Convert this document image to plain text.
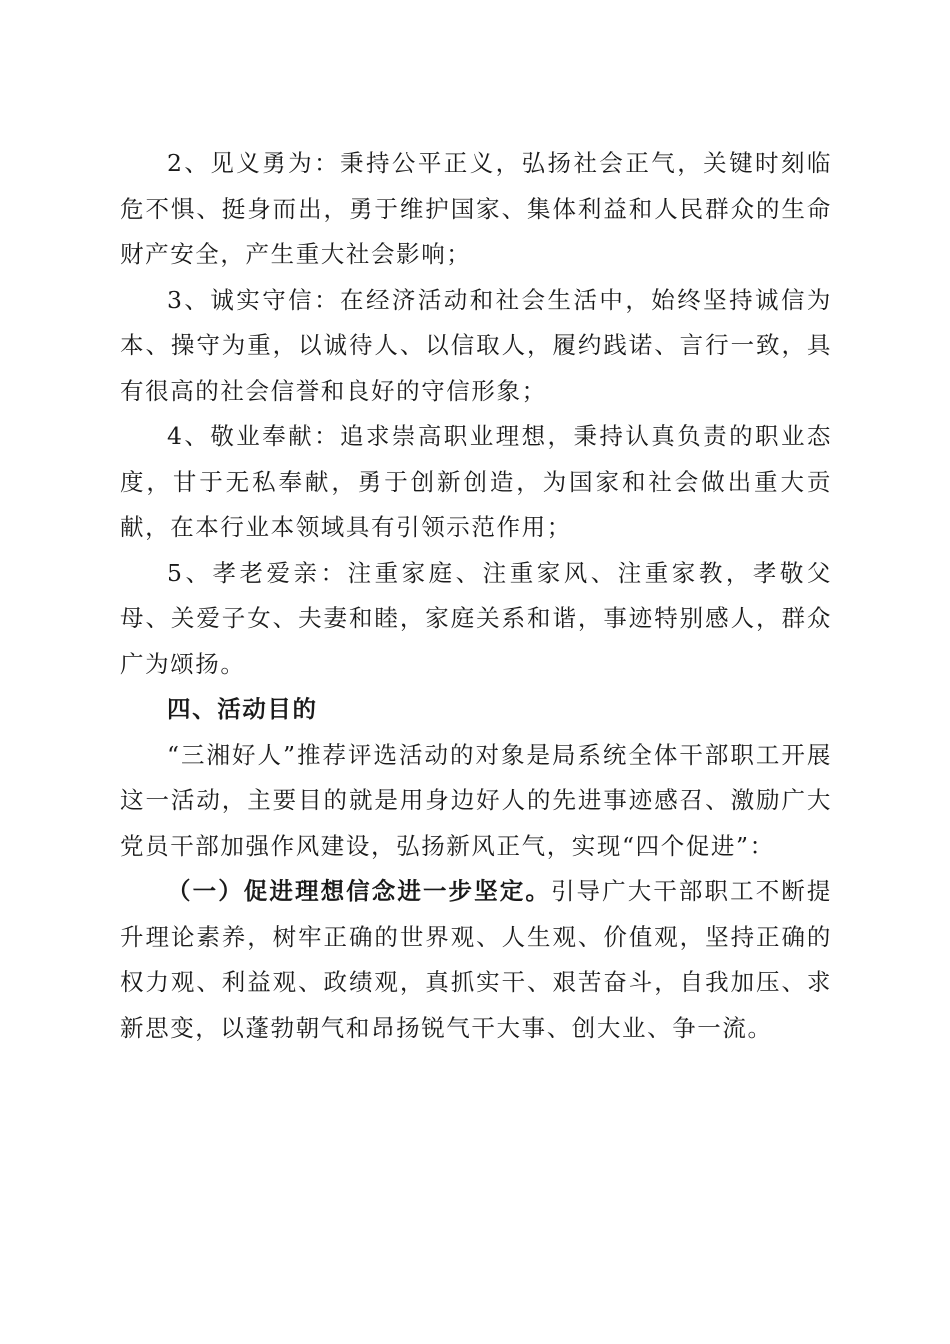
2、见义勇为：秉持公平正义，弘扬社会正气，关键时刻临危不惧、挺身而出，勇于维护国家、集体利益和人民群众的生命财产安全，产生重大社会影响；

3、诚实守信：在经济活动和社会生活中，始终坚持诚信为本、操守为重，以诚待人、以信取人，履约践诺、言行一致，具有很高的社会信誉和良好的守信形象；

4、敬业奉献：追求崇高职业理想，秉持认真负责的职业态度，甘于无私奉献，勇于创新创造，为国家和社会做出重大贡献，在本行业本领域具有引领示范作用；

5、孝老爱亲：注重家庭、注重家风、注重家教，孝敬父母、关爱子女、夫妻和睦，家庭关系和谐，事迹特别感人，群众广为颂扬。

四、活动目的

“三湘好人”推荐评选活动的对象是局系统全体干部职工开展这一活动，主要目的就是用身边好人的先进事迹感召、激励广大党员干部加强作风建设，弘扬新风正气，实现“四个促进”：

（一）促进理想信念进一步坚定。引导广大干部职工不断提升理论素养，树牢正确的世界观、人生观、价值观，坚持正确的权力观、利益观、政绩观，真抓实干、艰苦奋斗，自我加压、求新思变，以蓬勃朝气和昂扬锐气干大事、创大业、争一流。
